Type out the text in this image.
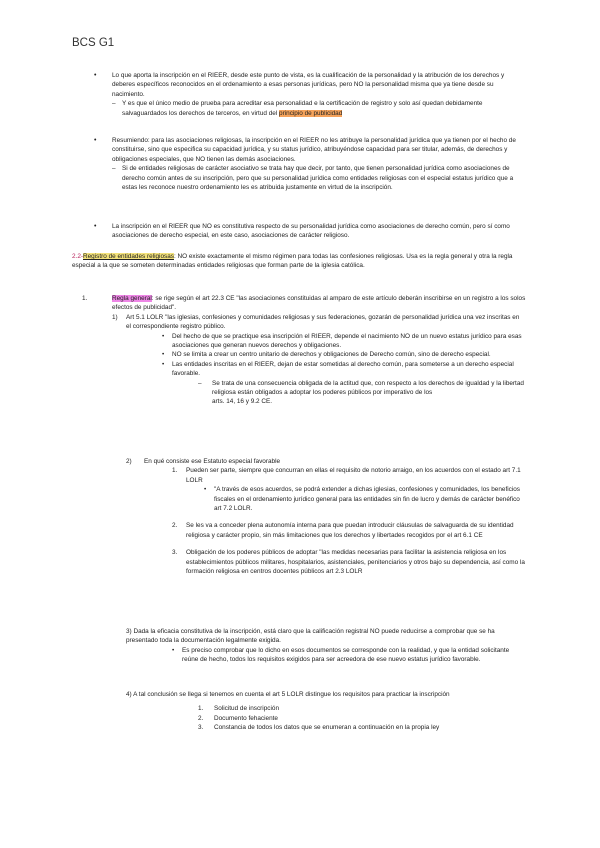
BCS G1
•	Lo que aporta la inscripción en el RIEER, desde este punto de vista, es la cualificación de la personalidad y la atribución de los derechos y deberes específicos reconocidos en el ordenamiento a esas personas jurídicas, pero NO la personalidad misma que ya tiene desde su nacimiento.
–	Y es que el único medio de prueba para acreditar esa personalidad e la certificación de registro y solo así quedan debidamente salvaguardados los derechos de terceros, en virtud del principio de publicidad
•	Resumiendo: para las asociaciones religiosas, la inscripción en el RIEER no les atribuye la personalidad jurídica que ya tienen por el hecho de constituirse, sino que especifica su capacidad jurídica, y su status jurídico, atribuyéndose capacidad para ser titular, además, de derechos y obligaciones especiales, que NO tienen las demás asociaciones.
–	Si de entidades religiosas de carácter asociativo se trata hay que decir, por tanto, que tienen personalidad jurídica como asociaciones de derecho común antes de su inscripción, pero que su personalidad jurídica como entidades religiosas con el especial estatus jurídico que a estas les reconoce nuestro ordenamiento les es atribuida justamente en virtud de la inscripción.
•	La inscripción en el RIEER que NO es constitutiva respecto de su personalidad jurídica como asociaciones de derecho común, pero sí como asociaciones de derecho especial, en este caso, asociaciones de carácter religioso.
2.2-Registro de entidades religiosas: NO existe exactamente el mismo régimen para todas las confesiones religiosas. Usa es la regla general y otra la regla especial a la que se someten determinadas entidades religiosas que forman parte de la iglesia católica.
1.	Regla general: se rige según el art 22.3 CE "las asociaciones constituidas al amparo de este artículo deberán inscribirse en un registro a los solos efectos de publicidad".
1)	Art 5.1 LOLR "las iglesias, confesiones y comunidades religiosas y sus federaciones, gozarán de personalidad jurídica una vez inscritas en el correspondiente registro público.
•	Del hecho de que se practique esa inscripción el RIEER, depende el nacimiento NO de un nuevo estatus jurídico para esas asociaciones que generan nuevos derechos y obligaciones.
•	NO se limita a crear un centro unitario de derechos y obligaciones de Derecho común, sino de derecho especial.
•	Las entidades inscritas en el RIEER, dejan de estar sometidas al derecho común, para someterse a un derecho especial favorable.
–	Se trata de una consecuencia obligada de la actitud que, con respecto a los derechos de igualdad y la libertad religiosa están obligados a adoptar los poderes públicos por imperativo de los
arts. 14, 16 y 9.2 CE.
2)	En qué consiste ese Estatuto especial favorable
1.	Pueden ser parte, siempre que concurran en ellas el requisito de notorio arraigo, en los acuerdos con el estado art 7.1 LOLR
•	"A través de esos acuerdos, se podrá extender a dichas iglesias, confesiones y comunidades, los beneficios fiscales en el ordenamiento jurídico general para las entidades sin fin de lucro y demás de carácter benéfico art 7.2 LOLR.
2.	Se les va a conceder plena autonomía interna para que puedan introducir cláusulas de salvaguarda de su identidad religiosa y carácter propio, sin más limitaciones que los derechos y libertades recogidos por el art 6.1 CE
3.	Obligación de los poderes públicos de adoptar "las medidas necesarias para facilitar la asistencia religiosa en los establecimientos públicos militares, hospitalarios, asistenciales, penitenciarios y otros bajo su dependencia, así como la formación religiosa en centros docentes públicos art 2.3 LOLR
3) Dada la eficacia constitutiva de la inscripción, está claro que la calificación registral NO puede reducirse a comprobar que se ha presentado toda la documentación legalmente exigida.
•	Es preciso comprobar que lo dicho en esos documentos se corresponde con la realidad, y que la entidad solicitante reúne de hecho, todos los requisitos exigidos para ser acreedora de ese nuevo estatus jurídico favorable.
4) A tal conclusión se llega si tenemos en cuenta el art 5 LOLR distingue los requisitos para practicar la inscripción
1.	Solicitud de inscripción
2.	Documento fehaciente
3.	Constancia de todos los datos que se enumeran a continuación en la propia ley
